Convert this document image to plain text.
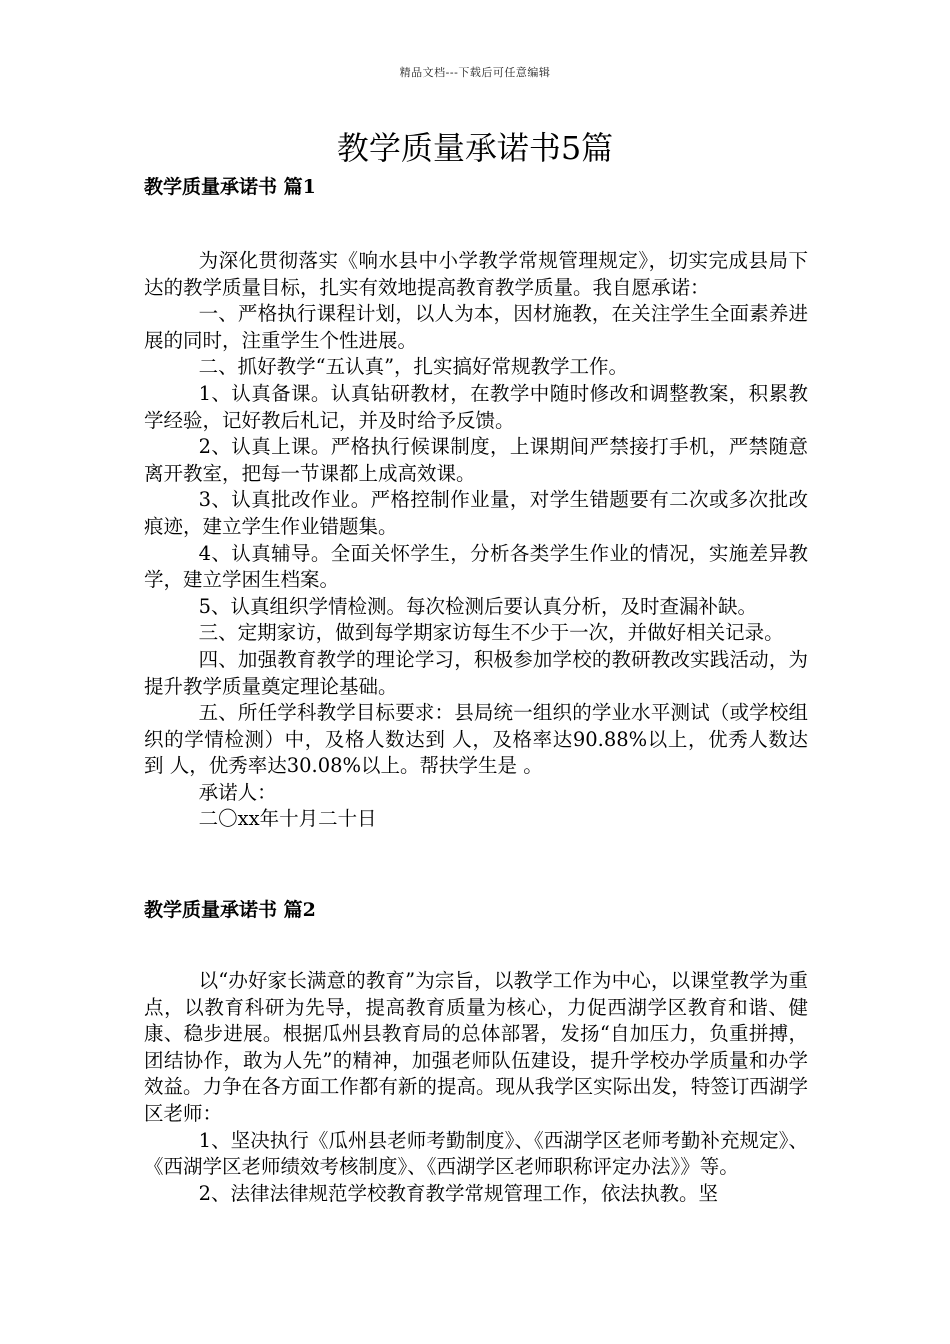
精品文档---下载后可任意编辑
教学质量承诺书5篇
教学质量承诺书 篇1

为深化贯彻落实《响水县中小学教学常规管理规定》，切实完成县局下达的教学质量目标，扎实有效地提高教育教学质量。我自愿承诺：

一、严格执行课程计划，以人为本，因材施教，在关注学生全面素养进展的同时，注重学生个性进展。

二、抓好教学“五认真”，扎实搞好常规教学工作。

1、认真备课。认真钻研教材，在教学中随时修改和调整教案，积累教学经验，记好教后札记，并及时给予反馈。

2、认真上课。严格执行候课制度，上课期间严禁接打手机，严禁随意离开教室，把每一节课都上成高效课。

3、认真批改作业。严格控制作业量，对学生错题要有二次或多次批改痕迹，建立学生作业错题集。

4、认真辅导。全面关怀学生，分析各类学生作业的情况，实施差异教学，建立学困生档案。

5、认真组织学情检测。每次检测后要认真分析，及时查漏补缺。

三、定期家访，做到每学期家访每生不少于一次，并做好相关记录。

四、加强教育教学的理论学习，积极参加学校的教研教改实践活动，为提升教学质量奠定理论基础。

五、所任学科教学目标要求：县局统一组织的学业水平测试（或学校组织的学情检测）中，及格人数达到 人，及格率达90.88%以上，优秀人数达到 人，优秀率达30.08%以上。帮扶学生是 。

承诺人：

二〇xx年十月二十日

教学质量承诺书 篇2

以“办好家长满意的教育”为宗旨，以教学工作为中心，以课堂教学为重点，以教育科研为先导，提高教育质量为核心，力促西湖学区教育和谐、健康、稳步进展。根据瓜州县教育局的总体部署，发扬“自加压力，负重拼搏，团结协作，敢为人先”的精神，加强老师队伍建设，提升学校办学质量和办学效益。力争在各方面工作都有新的提高。现从我学区实际出发，特签订西湖学区老师：

1、坚决执行《瓜州县老师考勤制度》、《西湖学区老师考勤补充规定》、《西湖学区老师绩效考核制度》、《西湖学区老师职称评定办法》》等。

2、法律法律规范学校教育教学常规管理工作，依法执教。坚
